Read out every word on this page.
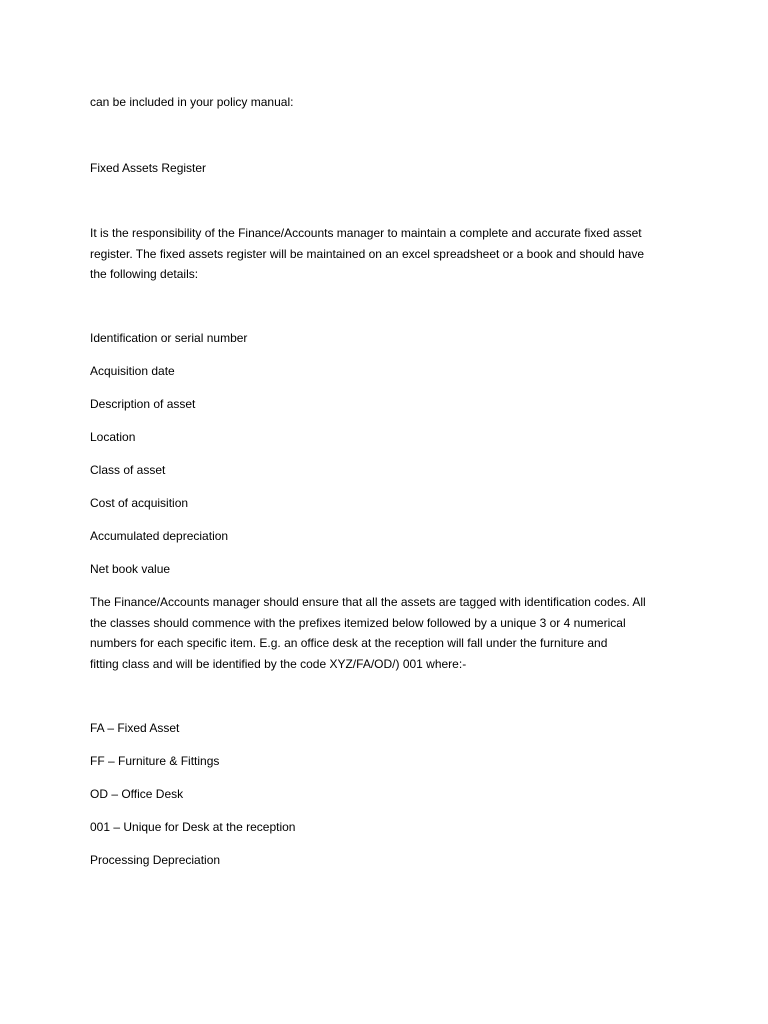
can be included in your policy manual:

Fixed Assets Register

It is the responsibility of the Finance/Accounts manager to maintain a complete and accurate fixed asset
register. The fixed assets register will be maintained on an excel spreadsheet or a book and should have
the following details:

Identification or serial number

Acquisition date

Description of asset

Location

Class of asset

Cost of acquisition

Accumulated depreciation

Net book value

The Finance/Accounts manager should ensure that all the assets are tagged with identification codes. All
the classes should commence with the prefixes itemized below followed by a unique 3 or 4 numerical
numbers for each specific item. E.g. an office desk at the reception will fall under the furniture and
fitting class and will be identified by the code XYZ/FA/OD/) 001 where:-

FA – Fixed Asset

FF – Furniture & Fittings

OD – Office Desk

001 – Unique for Desk at the reception

Processing Depreciation
